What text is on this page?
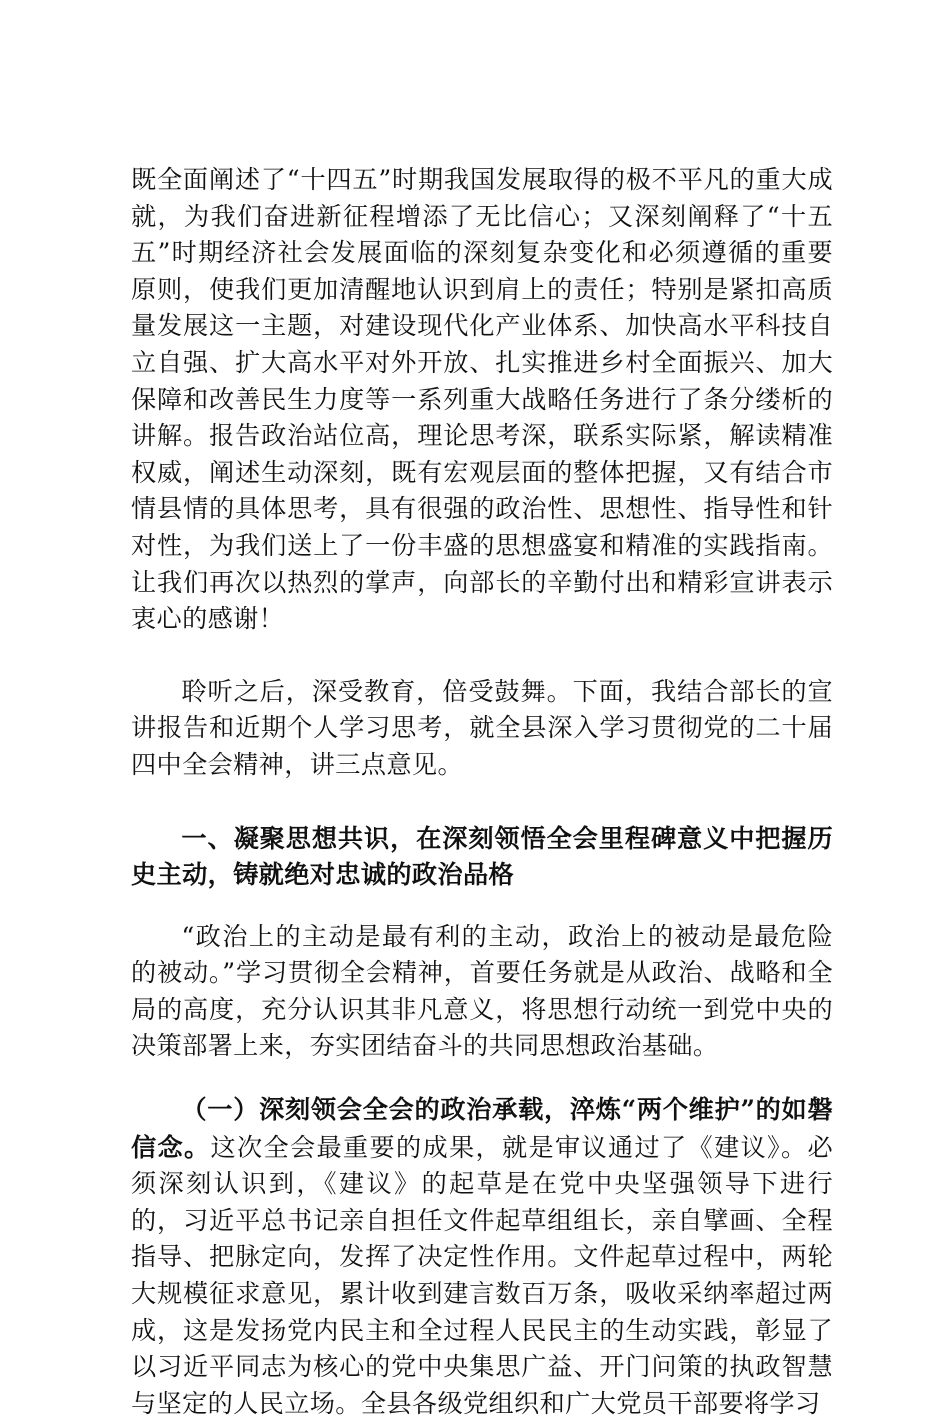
既全面阐述了“十四五”时期我国发展取得的极不平凡的重大成就，为我们奋进新征程增添了无比信心；又深刻阐释了“十五五”时期经济社会发展面临的深刻复杂变化和必须遵循的重要原则，使我们更加清醒地认识到肩上的责任；特别是紧扣高质量发展这一主题，对建设现代化产业体系、加快高水平科技自立自强、扩大高水平对外开放、扎实推进乡村全面振兴、加大保障和改善民生力度等一系列重大战略任务进行了条分缕析的讲解。报告政治站位高，理论思考深，联系实际紧，解读精准权威，阐述生动深刻，既有宏观层面的整体把握，又有结合市情县情的具体思考，具有很强的政治性、思想性、指导性和针对性，为我们送上了一份丰盛的思想盛宴和精准的实践指南。让我们再次以热烈的掌声，向部长的辛勤付出和精彩宣讲表示衷心的感谢！

聆听之后，深受教育，倍受鼓舞。下面，我结合部长的宣讲报告和近期个人学习思考，就全县深入学习贯彻党的二十届四中全会精神，讲三点意见。

一、凝聚思想共识，在深刻领悟全会里程碑意义中把握历史主动，铸就绝对忠诚的政治品格

“政治上的主动是最有利的主动，政治上的被动是最危险的被动。”学习贯彻全会精神，首要任务就是从政治、战略和全局的高度，充分认识其非凡意义，将思想行动统一到党中央的决策部署上来，夯实团结奋斗的共同思想政治基础。

（一）深刻领会全会的政治承载，淬炼“两个维护”的如磐信念。这次全会最重要的成果，就是审议通过了《建议》。必须深刻认识到，《建议》的起草是在党中央坚强领导下进行的，习近平总书记亲自担任文件起草组组长，亲自擘画、全程指导、把脉定向，发挥了决定性作用。文件起草过程中，两轮大规模征求意见，累计收到建言数百万条，吸收采纳率超过两成，这是发扬党内民主和全过程人民民主的生动实践，彰显了以习近平同志为核心的党中央集思广益、开门问策的执政智慧与坚定的人民立场。全县各级党组织和广大党员干部要将学习
